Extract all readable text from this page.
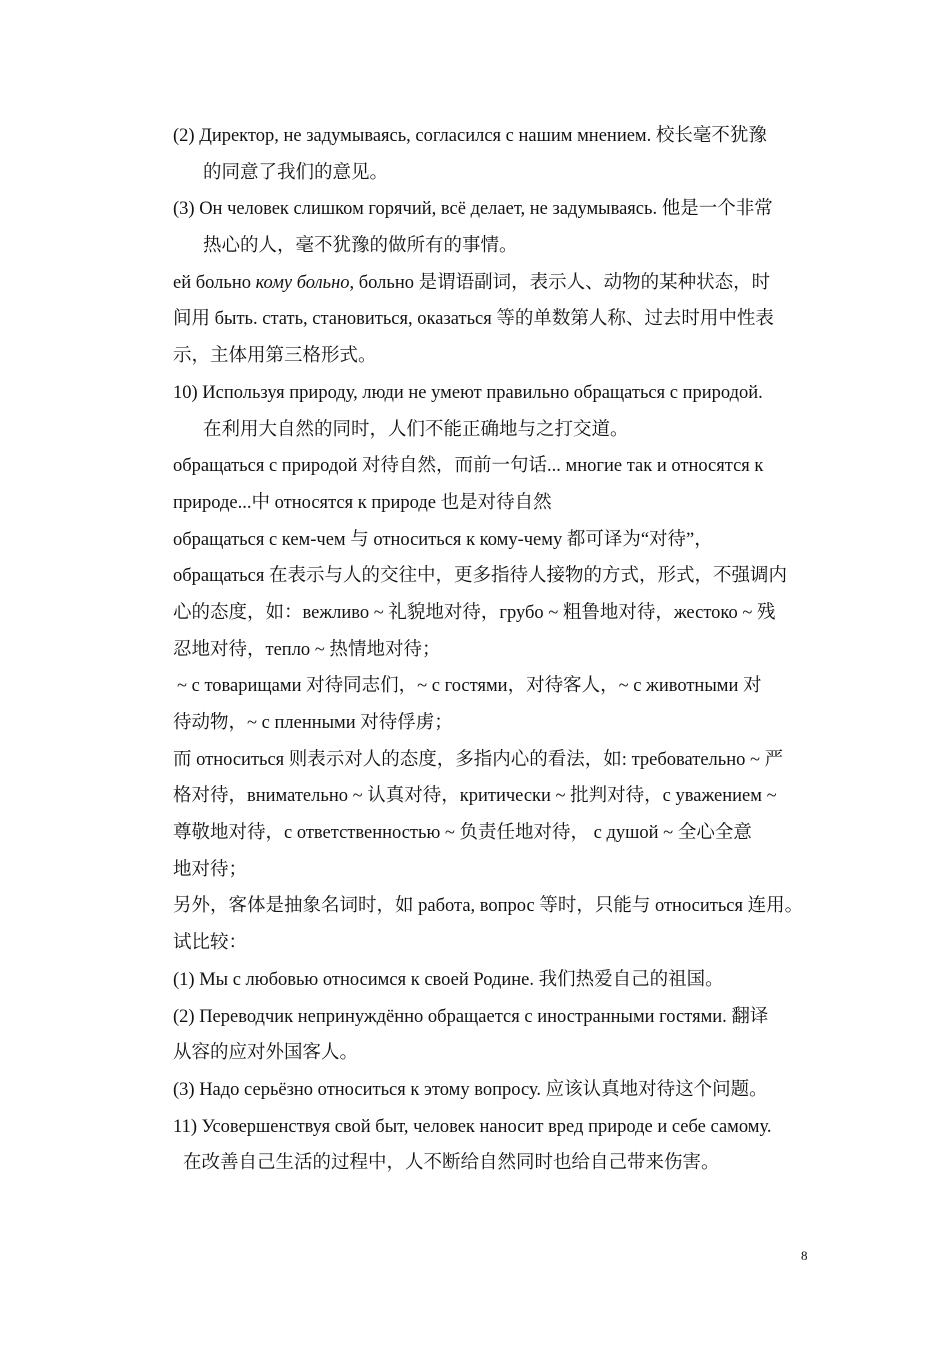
(2) Директор, не задумываясь, согласился с нашим мнением. 校长毫不犹豫
的同意了我们的意见。
(3) Он человек слишком горячий, всё делает, не задумываясь. 他是一个非常
热心的人，毫不犹豫的做所有的事情。
ей больно кому больно, больно 是谓语副词，表示人、动物的某种状态，时
间用 быть. стать, становиться, оказаться 等的单数第人称、过去时用中性表
示，主体用第三格形式。
10) Используя природу, люди не умеют правильно обращаться с природой.
在利用大自然的同时，人们不能正确地与之打交道。
обращаться с природой 对待自然，而前一句话... многие так и относятся к
природе...中 относятся к природе 也是对待自然
обращаться с кем-чем 与 относиться к кому-чему 都可译为“对待”，
обращаться 在表示与人的交往中，更多指待人接物的方式，形式，不强调内
心的态度，如：вежливо ~ 礼貌地对待，грубо ~ 粗鲁地对待，жестоко ~ 残
忍地对待，тепло ~ 热情地对待；
~ с товарищами 对待同志们，~ с гостями，对待客人，~ с животными 对
待动物，~ с пленными 对待俘虏；
而 относиться 则表示对人的态度，多指内心的看法，如: требовательно ~ 严
格对待，внимательно ~ 认真对待，критически ~ 批判对待，с уважением ~
尊敬地对待，с ответственностью ~ 负责任地对待， с душой ~ 全心全意
地对待；
另外，客体是抽象名词时，如 работа, вопрос 等时，只能与 относиться 连用。
试比较：
(1) Мы с любовью относимся к своей Родине. 我们热爱自己的祖国。
(2) Переводчик непринуждённо обращается с иностранными гостями. 翻译
从容的应对外国客人。
(3) Надо серьёзно относиться к этому вопросу. 应该认真地对待这个问题。
11) Усовершенствуя свой быт, человек наносит вред природе и себе самому.
在改善自己生活的过程中，人不断给自然同时也给自己带来伤害。
8
